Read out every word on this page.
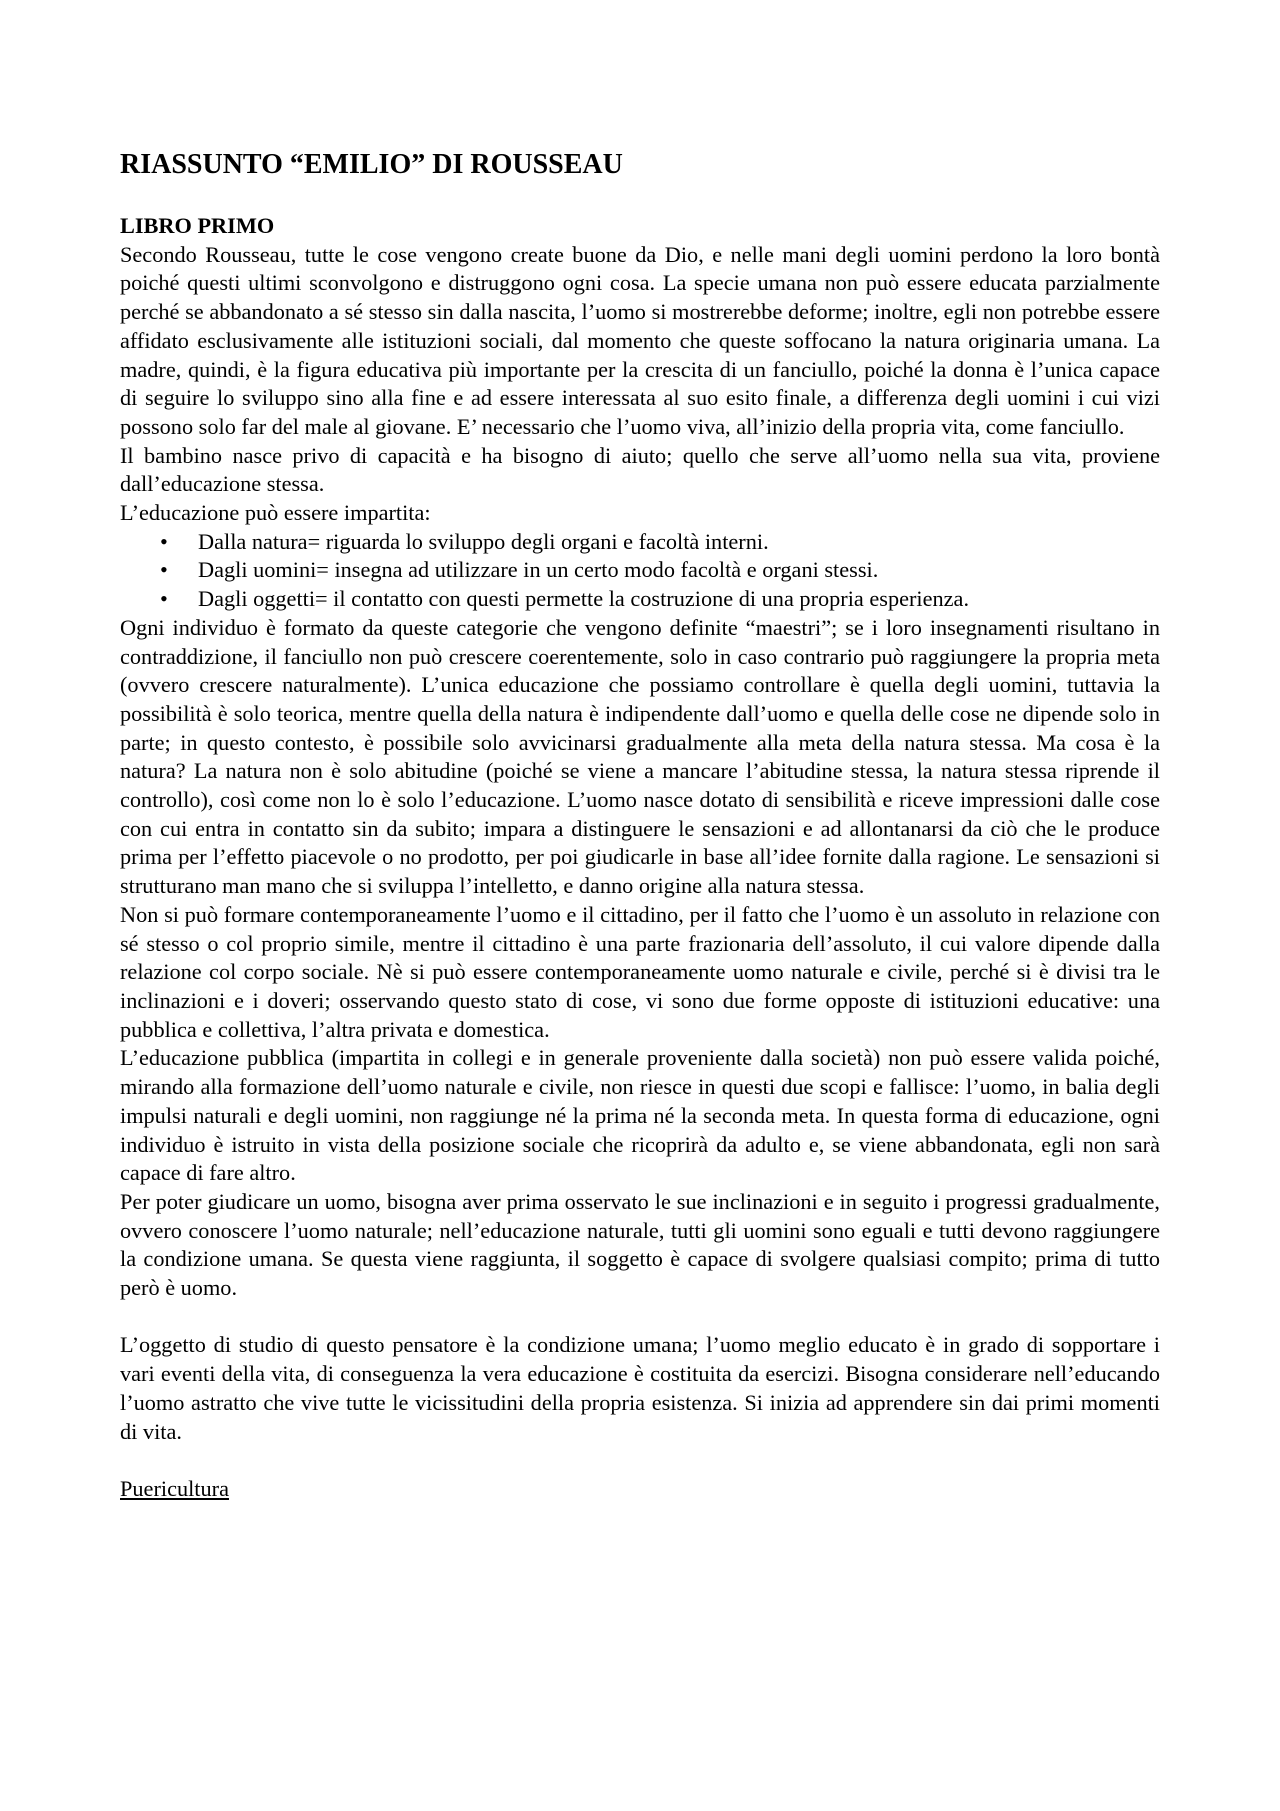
RIASSUNTO “EMILIO” DI ROUSSEAU
LIBRO PRIMO

Secondo Rousseau, tutte le cose vengono create buone da Dio, e nelle mani degli uomini perdono la loro bontà poiché questi ultimi sconvolgono e distruggono ogni cosa. La specie umana non può essere educata parzialmente perché se abbandonato a sé stesso sin dalla nascita, l’uomo si mostrerebbe deforme; inoltre, egli non potrebbe essere affidato esclusivamente alle istituzioni sociali, dal momento che queste soffocano la natura originaria umana. La madre, quindi, è la figura educativa più importante per la crescita di un fanciullo, poiché la donna è l’unica capace di seguire lo sviluppo sino alla fine e ad essere interessata al suo esito finale, a differenza degli uomini i cui vizi possono solo far del male al giovane. E’ necessario che l’uomo viva, all’inizio della propria vita, come fanciullo.

Il bambino nasce privo di capacità e ha bisogno di aiuto; quello che serve all’uomo nella sua vita, proviene dall’educazione stessa.

L’educazione può essere impartita:

• Dalla natura= riguarda lo sviluppo degli organi e facoltà interni.
• Dagli uomini= insegna ad utilizzare in un certo modo facoltà e organi stessi.
• Dagli oggetti= il contatto con questi permette la costruzione di una propria esperienza.

Ogni individuo è formato da queste categorie che vengono definite “maestri”; se i loro insegnamenti risultano in contraddizione, il fanciullo non può crescere coerentemente, solo in caso contrario può raggiungere la propria meta (ovvero crescere naturalmente). L’unica educazione che possiamo controllare è quella degli uomini, tuttavia la possibilità è solo teorica, mentre quella della natura è indipendente dall’uomo e quella delle cose ne dipende solo in parte; in questo contesto, è possibile solo avvicinarsi gradualmente alla meta della natura stessa. Ma cosa è la natura? La natura non è solo abitudine (poiché se viene a mancare l’abitudine stessa, la natura stessa riprende il controllo), così come non lo è solo l’educazione. L’uomo nasce dotato di sensibilità e riceve impressioni dalle cose con cui entra in contatto sin da subito; impara a distinguere le sensazioni e ad allontanarsi da ciò che le produce prima per l’effetto piacevole o no prodotto, per poi giudicarle in base all’idee fornite dalla ragione. Le sensazioni si strutturano man mano che si sviluppa l’intelletto, e danno origine alla natura stessa.

Non si può formare contemporaneamente l’uomo e il cittadino, per il fatto che l’uomo è un assoluto in relazione con sé stesso o col proprio simile, mentre il cittadino è una parte frazionaria dell’assoluto, il cui valore dipende dalla relazione col corpo sociale. Nè si può essere contemporaneamente uomo naturale e civile, perché si è divisi tra le inclinazioni e i doveri; osservando questo stato di cose, vi sono due forme opposte di istituzioni educative: una pubblica e collettiva, l’altra privata e domestica.

L’educazione pubblica (impartita in collegi e in generale proveniente dalla società) non può essere valida poiché, mirando alla formazione dell’uomo naturale e civile, non riesce in questi due scopi e fallisce: l’uomo, in balia degli impulsi naturali e degli uomini, non raggiunge né la prima né la seconda meta. In questa forma di educazione, ogni individuo è istruito in vista della posizione sociale che ricoprirà da adulto e, se viene abbandonata, egli non sarà capace di fare altro.

Per poter giudicare un uomo, bisogna aver prima osservato le sue inclinazioni e in seguito i progressi gradualmente, ovvero conoscere l’uomo naturale; nell’educazione naturale, tutti gli uomini sono eguali e tutti devono raggiungere la condizione umana. Se questa viene raggiunta, il soggetto è capace di svolgere qualsiasi compito; prima di tutto però è uomo.

L’oggetto di studio di questo pensatore è la condizione umana; l’uomo meglio educato è in grado di sopportare i vari eventi della vita, di conseguenza la vera educazione è costituita da esercizi. Bisogna considerare nell’educando l’uomo astratto che vive tutte le vicissitudini della propria esistenza. Si inizia ad apprendere sin dai primi momenti di vita.

Puericultura
